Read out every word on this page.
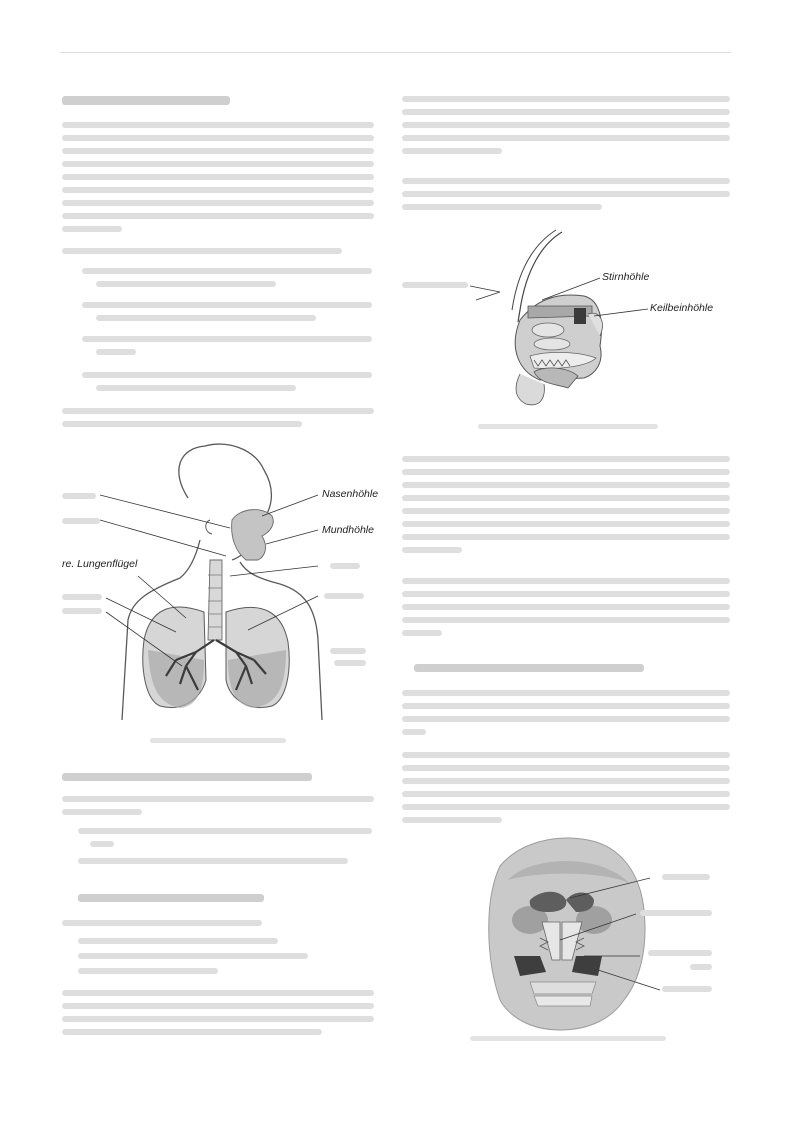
Nasenhöhle
Mundhöhle
re. Lungenflügel
Stirnhöhle
Keilbeinhöhle
